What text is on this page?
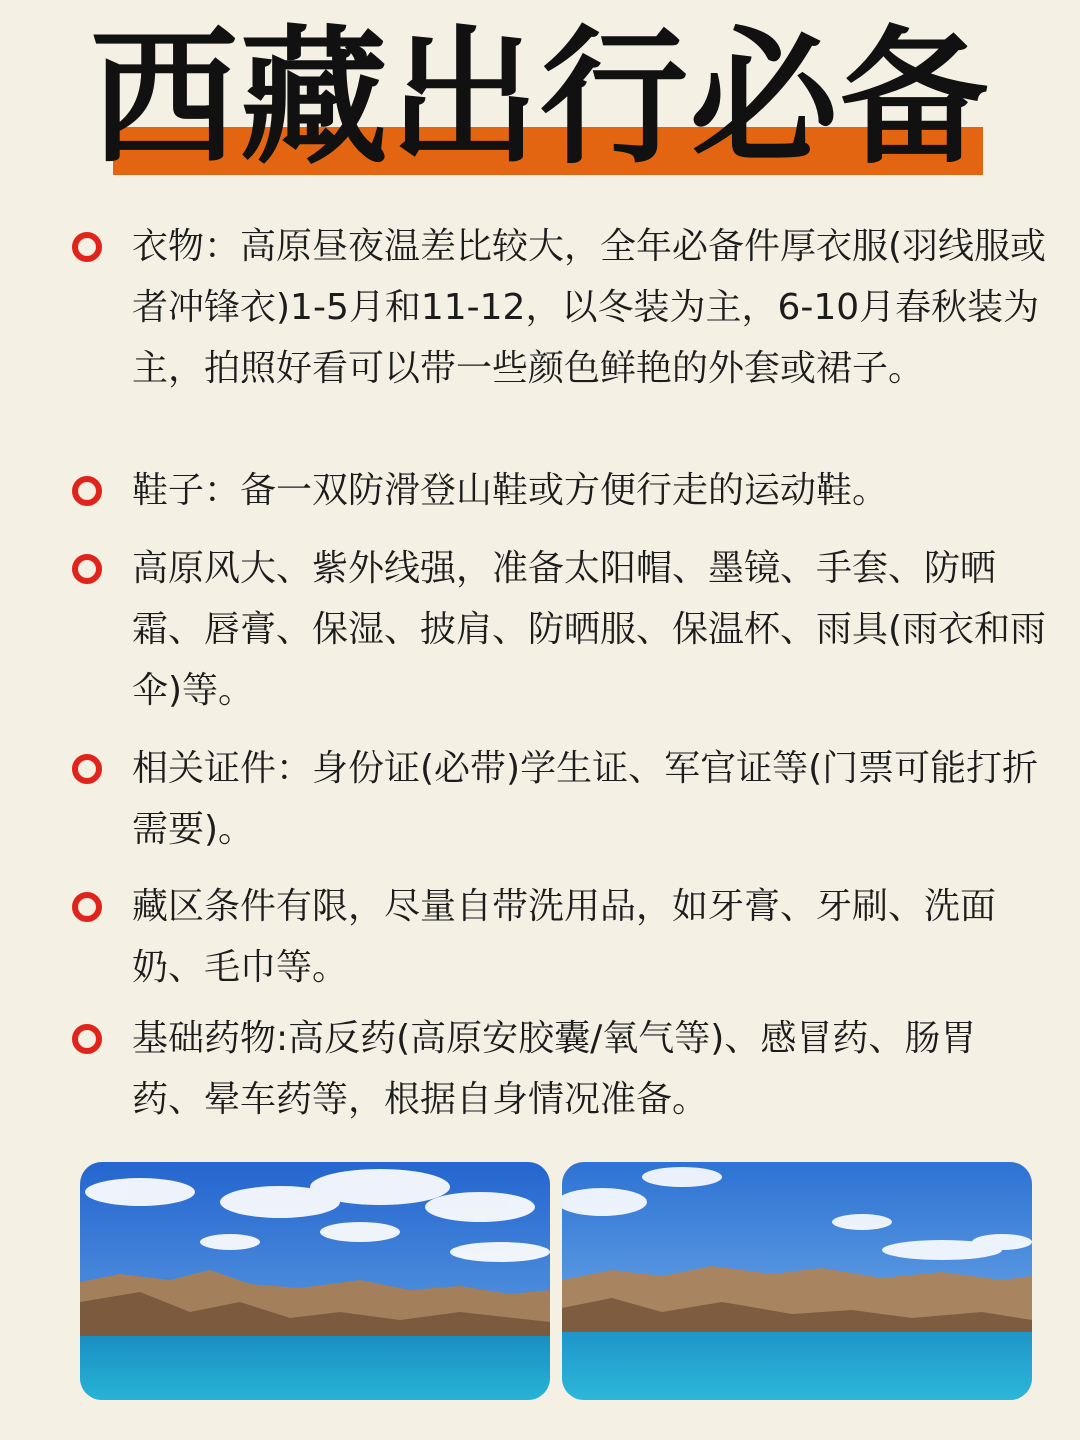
西藏出行必备
衣物：高原昼夜温差比较大，全年必备件厚衣服(羽线服或者冲锋衣)1-5月和11-12，以冬装为主，6-10月春秋装为主，拍照好看可以带一些颜色鲜艳的外套或裙子。
鞋子：备一双防滑登山鞋或方便行走的运动鞋。
高原风大、紫外线强，准备太阳帽、墨镜、手套、防晒霜、唇膏、保湿、披肩、防晒服、保温杯、雨具(雨衣和雨伞)等。
相关证件：身份证(必带)学生证、军官证等(门票可能打折需要)。
藏区条件有限，尽量自带洗用品，如牙膏、牙刷、洗面奶、毛巾等。
基础药物:高反药(高原安胶囊/氧气等)、感冒药、肠胃药、晕车药等，根据自身情况准备。
